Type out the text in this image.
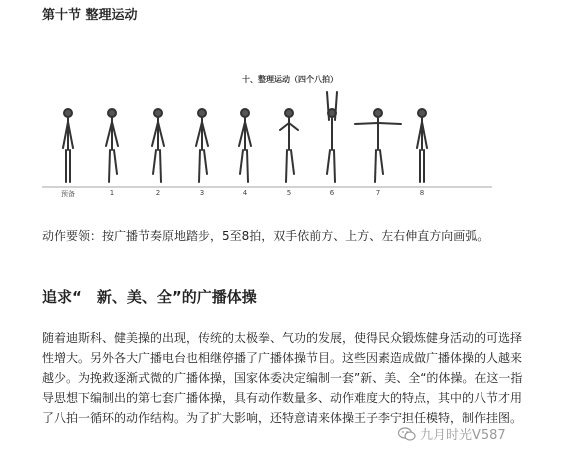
第十节 整理运动
十、整理运动（四个八拍）
预备	1	2	3	4	5	6	7	8
动作要领：按广播节奏原地踏步，5至8拍，双手依前方、上方、左右伸直方向画弧。
追求“　新、美、全”的广播体操
随着迪斯科、健美操的出现，传统的太极拳、气功的发展，使得民众锻炼健身活动的可选择性增大。另外各大广播电台也相继停播了广播体操节目。这些因素造成做广播体操的人越来越少。为挽救逐渐式微的广播体操，国家体委决定编制一套”新、美、全“的体操。在这一指导思想下编制出的第七套广播体操，具有动作数量多、动作难度大的特点，其中的八节才用了八拍一循环的动作结构。为了扩大影响，还特意请来体操王子李宁担任模特，制作挂图。
九月时光V587
